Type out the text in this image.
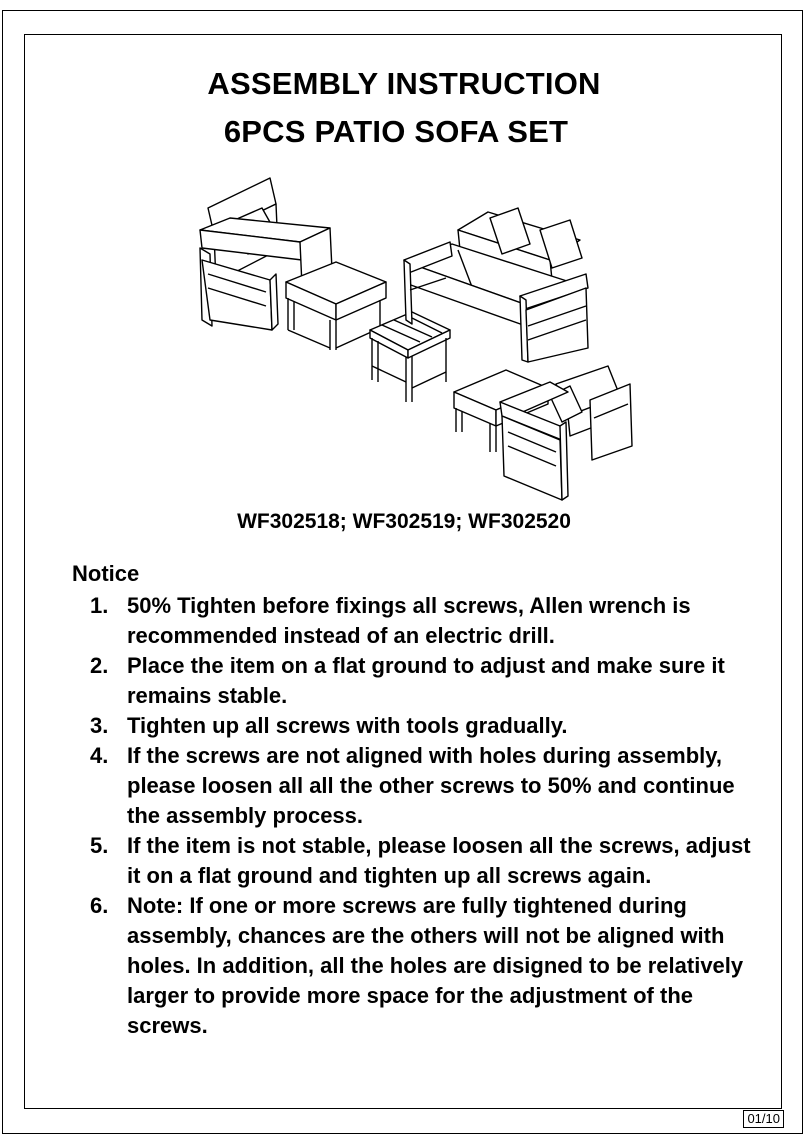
ASSEMBLY INSTRUCTION
6PCS PATIO SOFA SET
WF302518; WF302519; WF302520
Notice
1. 50% Tighten before fixings all screws, Allen wrench is recommended instead of an electric drill.
2. Place the item on a flat ground to adjust and make sure it remains stable.
3. Tighten up all screws with tools gradually.
4. If the screws are not aligned with holes during assembly, please loosen all all the other screws to 50% and continue the assembly process.
5. If the item is not stable, please loosen all the screws, adjust it on a flat ground and tighten up all screws again.
6. Note: If one or more screws are fully tightened during assembly, chances are the others will not be aligned with holes. In addition, all the holes are disigned to be relatively larger to provide more space for the adjustment of the screws.
01/10
